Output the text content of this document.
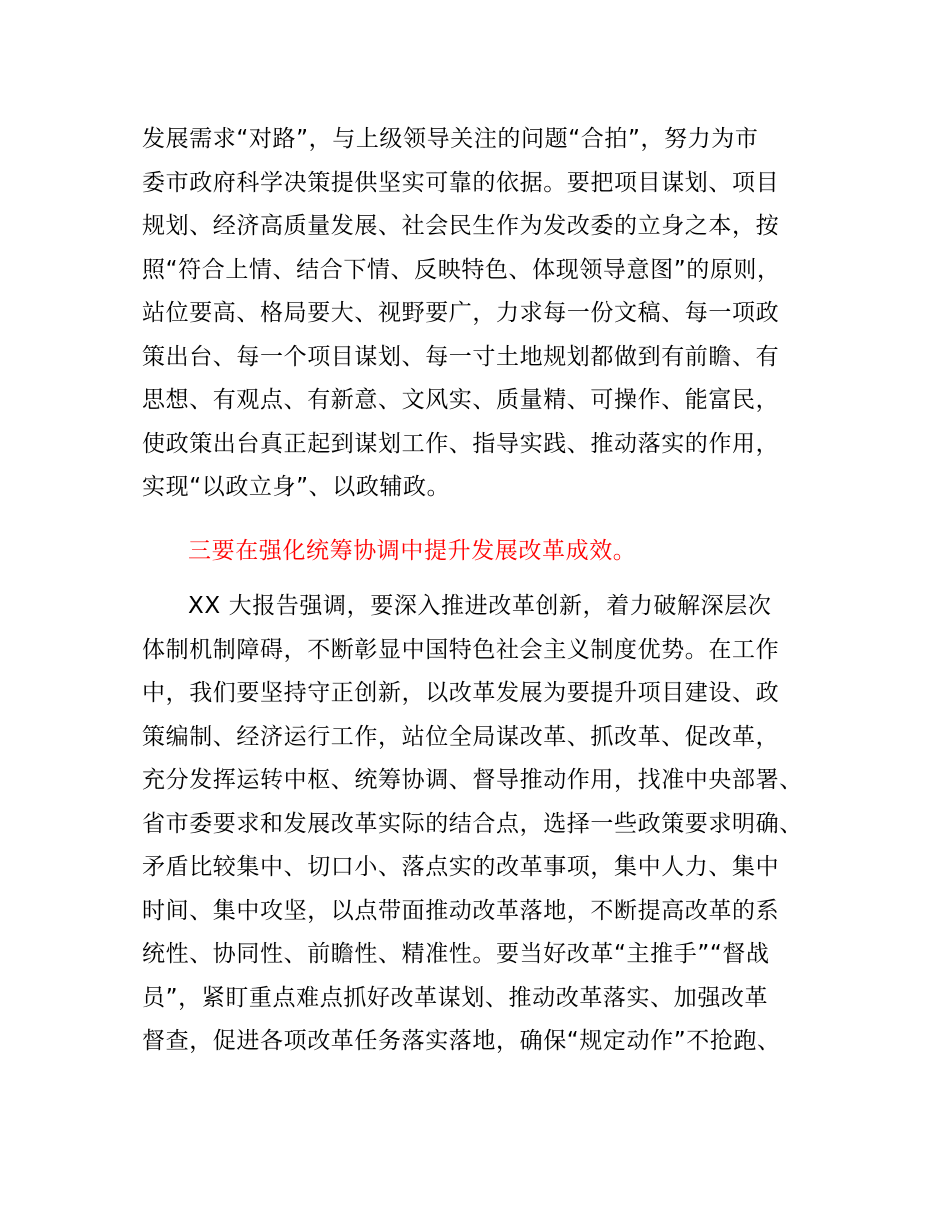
发展需求“对路”，与上级领导关注的问题“合拍”，努力为市
委市政府科学决策提供坚实可靠的依据。要把项目谋划、项目
规划、经济高质量发展、社会民生作为发改委的立身之本，按
照“符合上情、结合下情、反映特色、体现领导意图”的原则，
站位要高、格局要大、视野要广，力求每一份文稿、每一项政
策出台、每一个项目谋划、每一寸土地规划都做到有前瞻、有
思想、有观点、有新意、文风实、质量精、可操作、能富民，
使政策出台真正起到谋划工作、指导实践、推动落实的作用，
实现“以政立身”、以政辅政。

三要在强化统筹协调中提升发展改革成效。

XX 大报告强调，要深入推进改革创新，着力破解深层次
体制机制障碍，不断彰显中国特色社会主义制度优势。在工作
中，我们要坚持守正创新，以改革发展为要提升项目建设、政
策编制、经济运行工作，站位全局谋改革、抓改革、促改革，
充分发挥运转中枢、统筹协调、督导推动作用，找准中央部署、
省市委要求和发展改革实际的结合点，选择一些政策要求明确、
矛盾比较集中、切口小、落点实的改革事项，集中人力、集中
时间、集中攻坚，以点带面推动改革落地，不断提高改革的系
统性、协同性、前瞻性、精准性。要当好改革“主推手”“督战
员”，紧盯重点难点抓好改革谋划、推动改革落实、加强改革
督查，促进各项改革任务落实落地，确保“规定动作”不抢跑、
